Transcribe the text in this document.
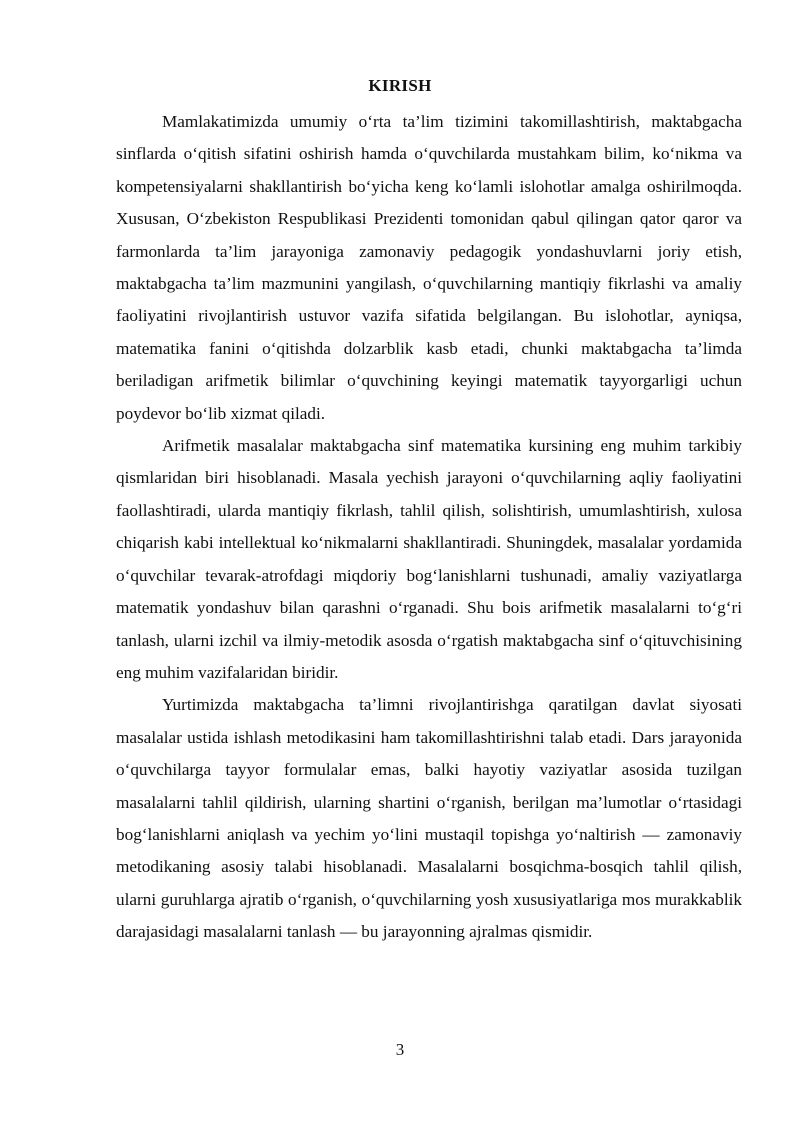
KIRISH

Mamlakatimizda umumiy o‘rta ta’lim tizimini takomillashtirish, maktabgacha sinflarda o‘qitish sifatini oshirish hamda o‘quvchilarda mustahkam bilim, ko‘nikma va kompetensiyalarni shakllantirish bo‘yicha keng ko‘lamli islohotlar amalga oshirilmoqda. Xususan, O‘zbekiston Respublikasi Prezidenti tomonidan qabul qilingan qator qaror va farmonlarda ta’lim jarayoniga zamonaviy pedagogik yondashuvlarni joriy etish, maktabgacha ta’lim mazmunini yangilash, o‘quvchilarning mantiqiy fikrlashi va amaliy faoliyatini rivojlantirish ustuvor vazifa sifatida belgilangan. Bu islohotlar, ayniqsa, matematika fanini o‘qitishda dolzarblik kasb etadi, chunki maktabgacha ta’limda beriladigan arifmetik bilimlar o‘quvchining keyingi matematik tayyorgarligi uchun poydevor bo‘lib xizmat qiladi.

Arifmetik masalalar maktabgacha sinf matematika kursining eng muhim tarkibiy qismlaridan biri hisoblanadi. Masala yechish jarayoni o‘quvchilarning aqliy faoliyatini faollashtiradi, ularda mantiqiy fikrlash, tahlil qilish, solishtirish, umumlashtirish, xulosa chiqarish kabi intellektual ko‘nikmalarni shakllantiradi. Shuningdek, masalalar yordamida o‘quvchilar tevarak-atrofdagi miqdoriy bog‘lanishlarni tushunadi, amaliy vaziyatlarga matematik yondashuv bilan qarashni o‘rganadi. Shu bois arifmetik masalalarni to‘g‘ri tanlash, ularni izchil va ilmiy-metodik asosda o‘rgatish maktabgacha sinf o‘qituvchisining eng muhim vazifalaridan biridir.

Yurtimizda maktabgacha ta’limni rivojlantirishga qaratilgan davlat siyosati masalalar ustida ishlash metodikasini ham takomillashtirishni talab etadi. Dars jarayonida o‘quvchilarga tayyor formulalar emas, balki hayotiy vaziyatlar asosida tuzilgan masalalarni tahlil qildirish, ularning shartini o‘rganish, berilgan ma’lumotlar o‘rtasidagi bog‘lanishlarni aniqlash va yechim yo‘lini mustaqil topishga yo‘naltirish — zamonaviy metodikaning asosiy talabi hisoblanadi. Masalalarni bosqichma-bosqich tahlil qilish, ularni guruhlarga ajratib o‘rganish, o‘quvchilarning yosh xususiyatlariga mos murakkablik darajasidagi masalalarni tanlash — bu jarayonning ajralmas qismidir.

3
